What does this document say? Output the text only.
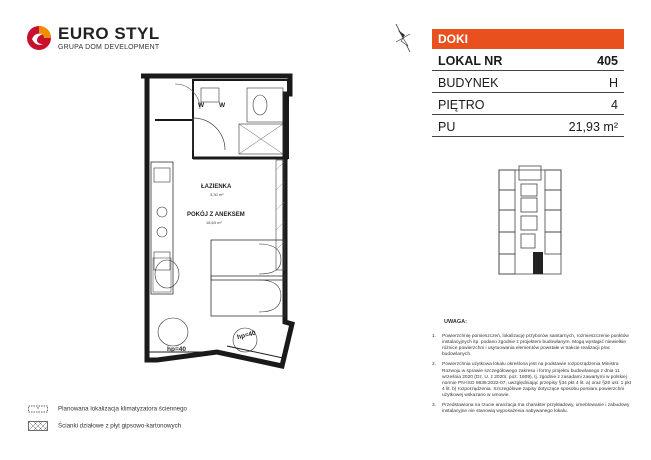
EURO STYL
GRUPA DOM DEVELOPMENT
DOKI
LOKAL NR	405
BUDYNEK	H
PIĘTRO	4
PU	21,93 m²
ŁAZIENKA
3,30 m²
POKÓJ Z ANEKSEM
18,63 m²
hp=40
hp=40
W W
UWAGA:
1.	Powierzchnię pomieszczeń, lokalizację przyborów sanitarnych, rozmieszczenie punktów instalacyjnych itp. podano zgodnie z projektem budowlanym. Mogą wystąpić niewielkie różnice powierzchni i usytuowania elementów powstałe w trakcie realizacji prac budowlanych.
2.	Powierzchnia użytkowa lokalu określona jest na podstawie rozporządzenia Ministra Rozwoju w sprawie szczegółowego zakresu i formy projektu budowlanego z dnia 11 września 2020 (Dz. U. z 2020r. poz. 1609), tj. zgodnie z zasadami zawartymi w polskiej normie PN-ISO 9836:2022-07, uwzględniając przepisy §34 pkt 4 lit. a) oraz §20 ust. 1 pkt 4 lit. b) rozporządzenia. Szczegółowe zapisy dotyczące sposobu pomiaru powierzchni użytkowej wskazano w umowie.
3.	Przedstawiona na rzucie aranżacja ma charakter przykładowy, umeblowanie i zabudowy instalacyjne nie stanowią wyposażenia nabywanego lokalu.
*	Planowana lokalizacja klimatyzatora ściennego
Ścianki działowe z płyt gipsowo-kartonowych
